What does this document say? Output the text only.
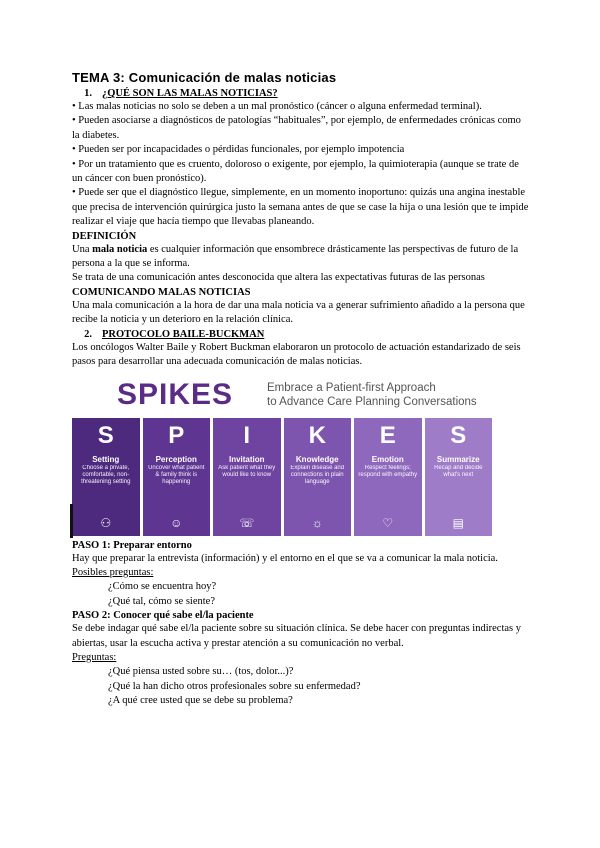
TEMA 3: Comunicación de malas noticias
1. ¿QUÉ SON LAS MALAS NOTICIAS?

• Las malas noticias no solo se deben a un mal pronóstico (cáncer o alguna enfermedad terminal).

• Pueden asociarse a diagnósticos de patologías “habituales”, por ejemplo, de enfermedades crónicas como la diabetes.

• Pueden ser por incapacidades o pérdidas funcionales, por ejemplo impotencia

• Por un tratamiento que es cruento, doloroso o exigente, por ejemplo, la quimioterapia (aunque se trate de un cáncer con buen pronóstico).

• Puede ser que el diagnóstico llegue, simplemente, en un momento inoportuno: quizás una angina inestable que precisa de intervención quirúrgica justo la semana antes de que se case la hija o una lesión que te impide realizar el viaje que hacía tiempo que llevabas planeando.

DEFINICIÓN

Una mala noticia es cualquier información que ensombrece drásticamente las perspectivas de futuro de la persona a la que se informa.

Se trata de una comunicación antes desconocida que altera las expectativas futuras de las personas

COMUNICANDO MALAS NOTICIAS

Una mala comunicación a la hora de dar una mala noticia va a generar sufrimiento añadido a la persona que recibe la noticia y un deterioro en la relación clínica.

2. PROTOCOLO BAILE-BUCKMAN

Los oncólogos Walter Baile y Robert Buckman elaboraron un protocolo de actuación estandarizado de seis pasos para desarrollar una adecuada comunicación de malas noticias.

SPIKES	Embrace a Patient-first Approach
to Advance Care Planning Conversations
S
Setting
Choose a private, comfortable, non-threatening setting
⚇
P
Perception
Uncover what patient & family think is happening
☺
I
Invitation
Ask patient what they would like to know
☏
K
Knowledge
Explain disease and connections in plain language
☼
E
Emotion
Respect feelings; respond with empathy
♡
S
Summarize
Recap and decide what's next
▤
PASO 1: Preparar entorno

Hay que preparar la entrevista (información) y el entorno en el que se va a comunicar la mala noticia.

Posibles preguntas:

¿Cómo se encuentra hoy?

¿Qué tal, cómo se siente?

PASO 2: Conocer qué sabe el/la paciente

Se debe indagar qué sabe el/la paciente sobre su situación clínica. Se debe hacer con preguntas indirectas y abiertas, usar la escucha activa y prestar atención a su comunicación no verbal.

Preguntas:

¿Qué piensa usted sobre su… (tos, dolor...)?

¿Qué la han dicho otros profesionales sobre su enfermedad?

¿A qué cree usted que se debe su problema?
